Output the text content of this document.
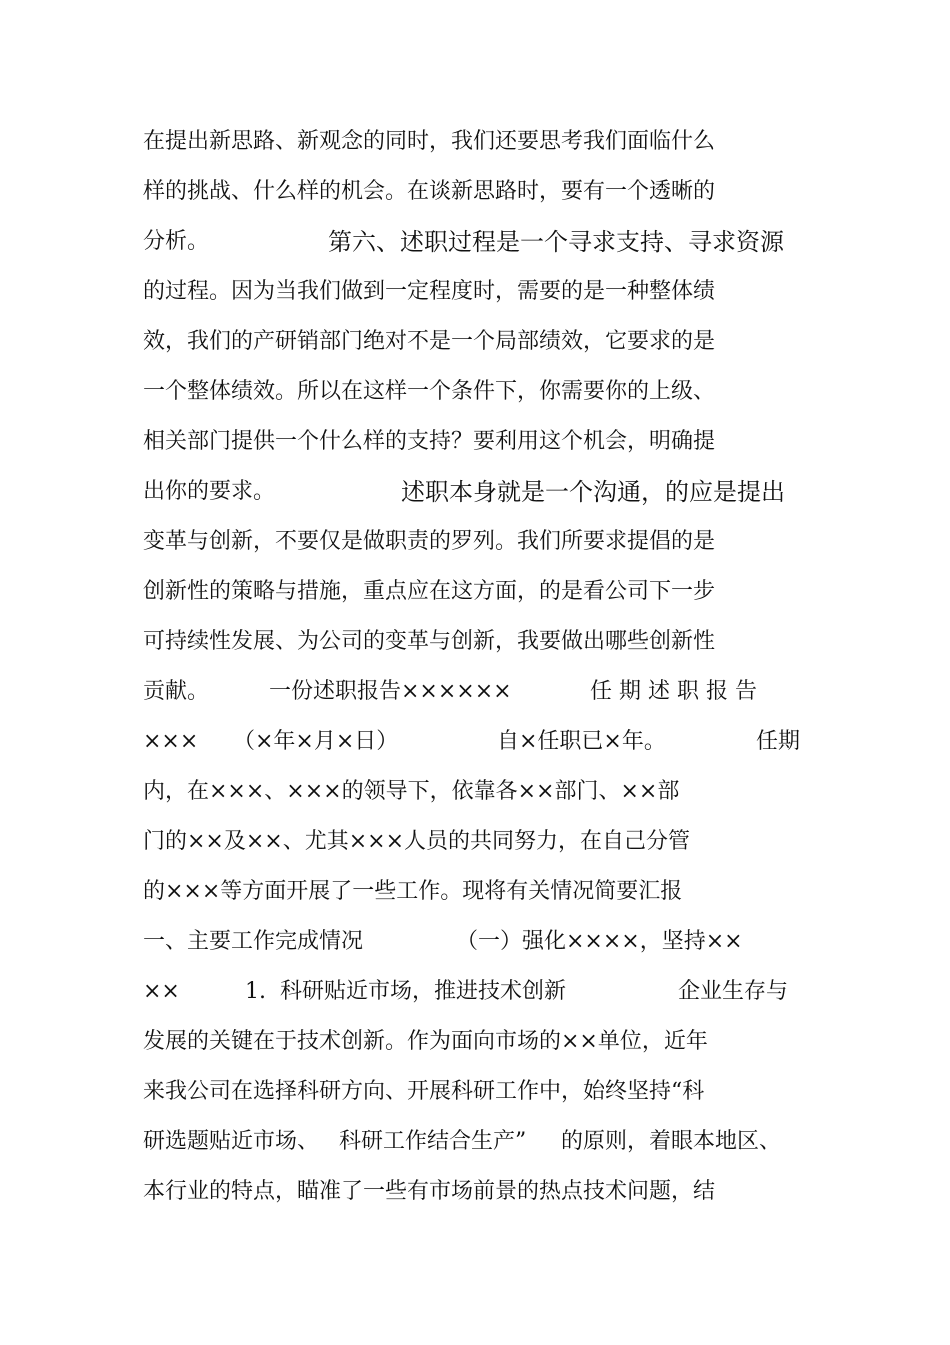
在提出新思路、新观念的同时，我们还要思考我们面临什么
样的挑战、什么样的机会。在谈新思路时，要有一个透晰的

分析。

	第六、述职过程是一个寻求支持、寻求资源

的过程。因为当我们做到一定程度时，需要的是一种整体绩
效，我们的产研销部门绝对不是一个局部绩效，它要求的是
一个整体绩效。所以在这样一个条件下，你需要你的上级、
相关部门提供一个什么样的支持？要利用这个机会，明确提

出你的要求。

	述职本身就是一个沟通，的应是提出

变革与创新，不要仅是做职责的罗列。我们所要求提倡的是
创新性的策略与措施，重点应在这方面，的是看公司下一步
可持续性发展、为公司的变革与创新，我要做出哪些创新性

贡献。

	一份述职报告××××××

	任 期 述 职 报 告

×××

（×年×月×日）

	自×任职已×年。

	任期

内，在×××、×××的领导下，依靠各××部门、××部
门的××及××、尤其×××人员的共同努力，在自己分管
的×××等方面开展了一些工作。现将有关情况简要汇报

一、主要工作完成情况

	（一）强化××××，坚持××

××

	1.  科研贴近市场，推进技术创新

	企业生存与

发展的关键在于技术创新。作为面向市场的××单位，近年
来我公司在选择科研方向、开展科研工作中，始终坚持“科

研选题贴近市场、

科研工作结合生产”

的原则，着眼本地区、

本行业的特点，瞄准了一些有市场前景的热点技术问题，结
